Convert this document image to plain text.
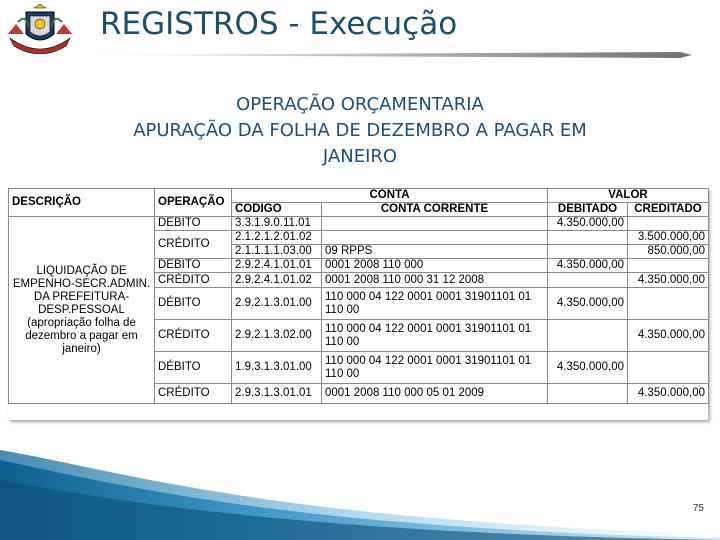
REGISTROS - Execução
OPERAÇÃO ORÇAMENTARIA
APURAÇÃO DA FOLHA DE DEZEMBRO A PAGAR EM
JANEIRO
DESCRIÇÃO	OPERAÇÃO	CONTA		VALOR	
		CÓDIGO	CONTA CORRENTE	DEBITADO	CREDITADO
LIQUIDAÇÃO DE EMPENHO-SECR.ADMIN. DA PREFEITURA-DESP.PESSOAL (apropriação folha de dezembro a pagar em janeiro)	DÉBITO	3.3.1.9.0.11.01		4.350.000,00	
	CRÉDITO	2.1.2.1.2.01.02			3.500.000,00
		2.1.1.1.1.03.00	09 RPPS		850.000,00
	DÉBITO	2.9.2.4.1.01.01	0001 2008 110 000	4.350.000,00	
	CRÉDITO	2.9.2.4.1.01.02	0001 2008 110 000 31 12 2008		4.350.000,00
	DÉBITO	2.9.2.1.3.01.00	110 000 04 122 0001 0001 31901101 01 110 00	4.350.000,00	
	CRÉDITO	2.9.2.1.3.02.00	110 000 04 122 0001 0001 31901101 01 110 00		4.350.000,00
	DÉBITO	1.9.3.1.3.01.00	110 000 04 122 0001 0001 31901101 01 110 00	4.350.000,00	
	CRÉDITO	2.9.3.1.3.01.01	0001 2008 110 000 05 01 2009		4.350.000,00
75
